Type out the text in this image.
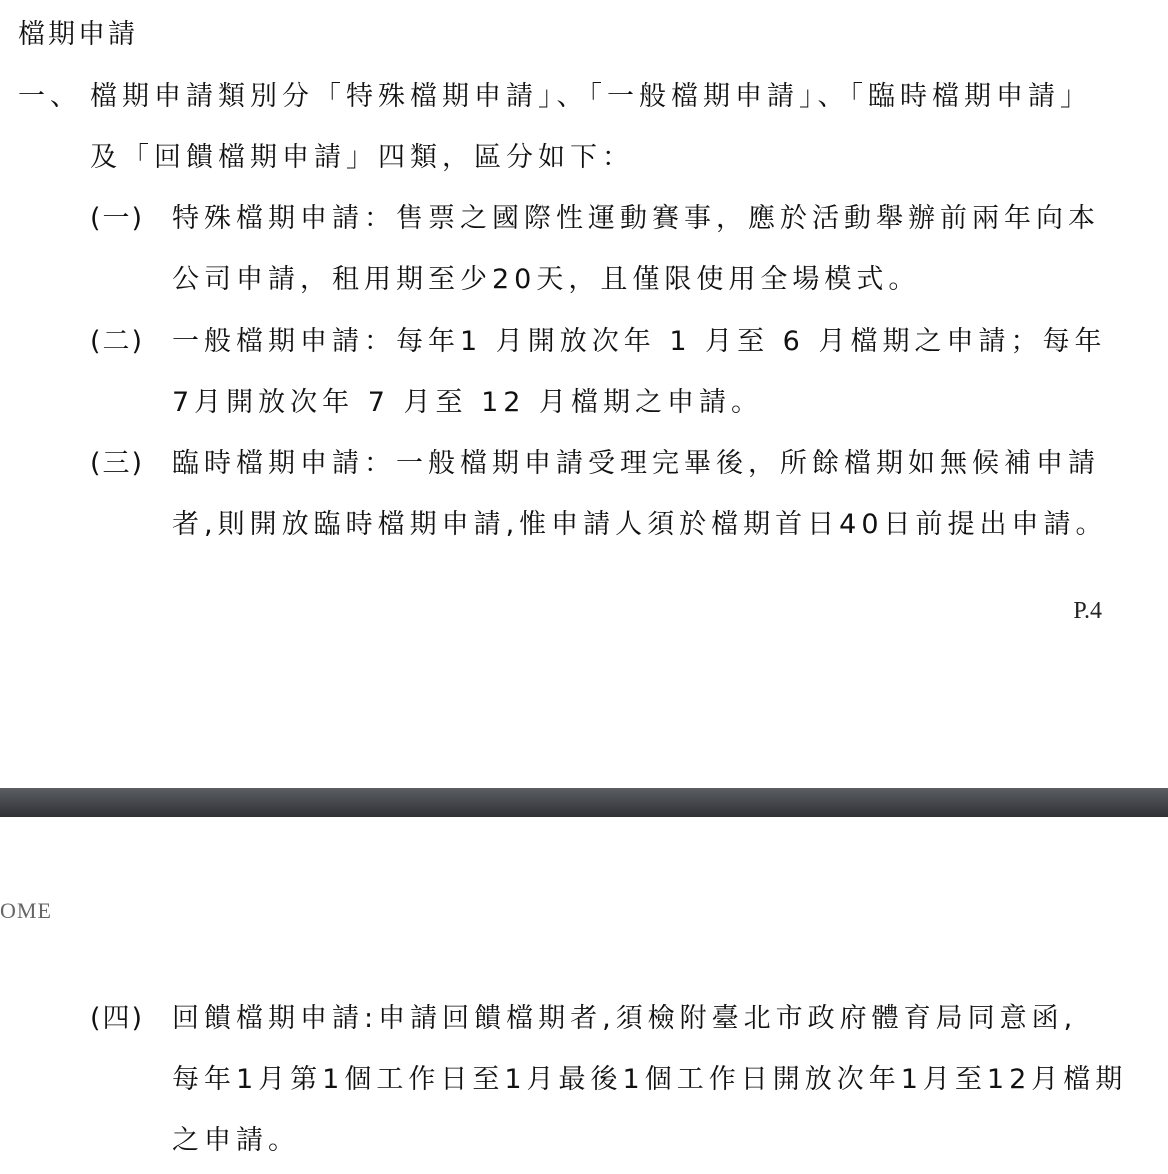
檔期申請
一、 檔期申請類別分「特殊檔期申請」、「一般檔期申請」、「臨時檔期申請」
及「回饋檔期申請」四類，區分如下：
(一) 特殊檔期申請：售票之國際性運動賽事，應於活動舉辦前兩年向本
公司申請，租用期至少20天，且僅限使用全場模式。
(二) 一般檔期申請：每年1 月開放次年 1 月至 6 月檔期之申請；每年
7月開放次年 7 月至 12 月檔期之申請。
(三) 臨時檔期申請：一般檔期申請受理完畢後，所餘檔期如無候補申請
者,則開放臨時檔期申請,惟申請人須於檔期首日40日前提出申請。
P.4
OME
(四) 回饋檔期申請:申請回饋檔期者,須檢附臺北市政府體育局同意函,
每年1月第1個工作日至1月最後1個工作日開放次年1月至12月檔期
之申請。
